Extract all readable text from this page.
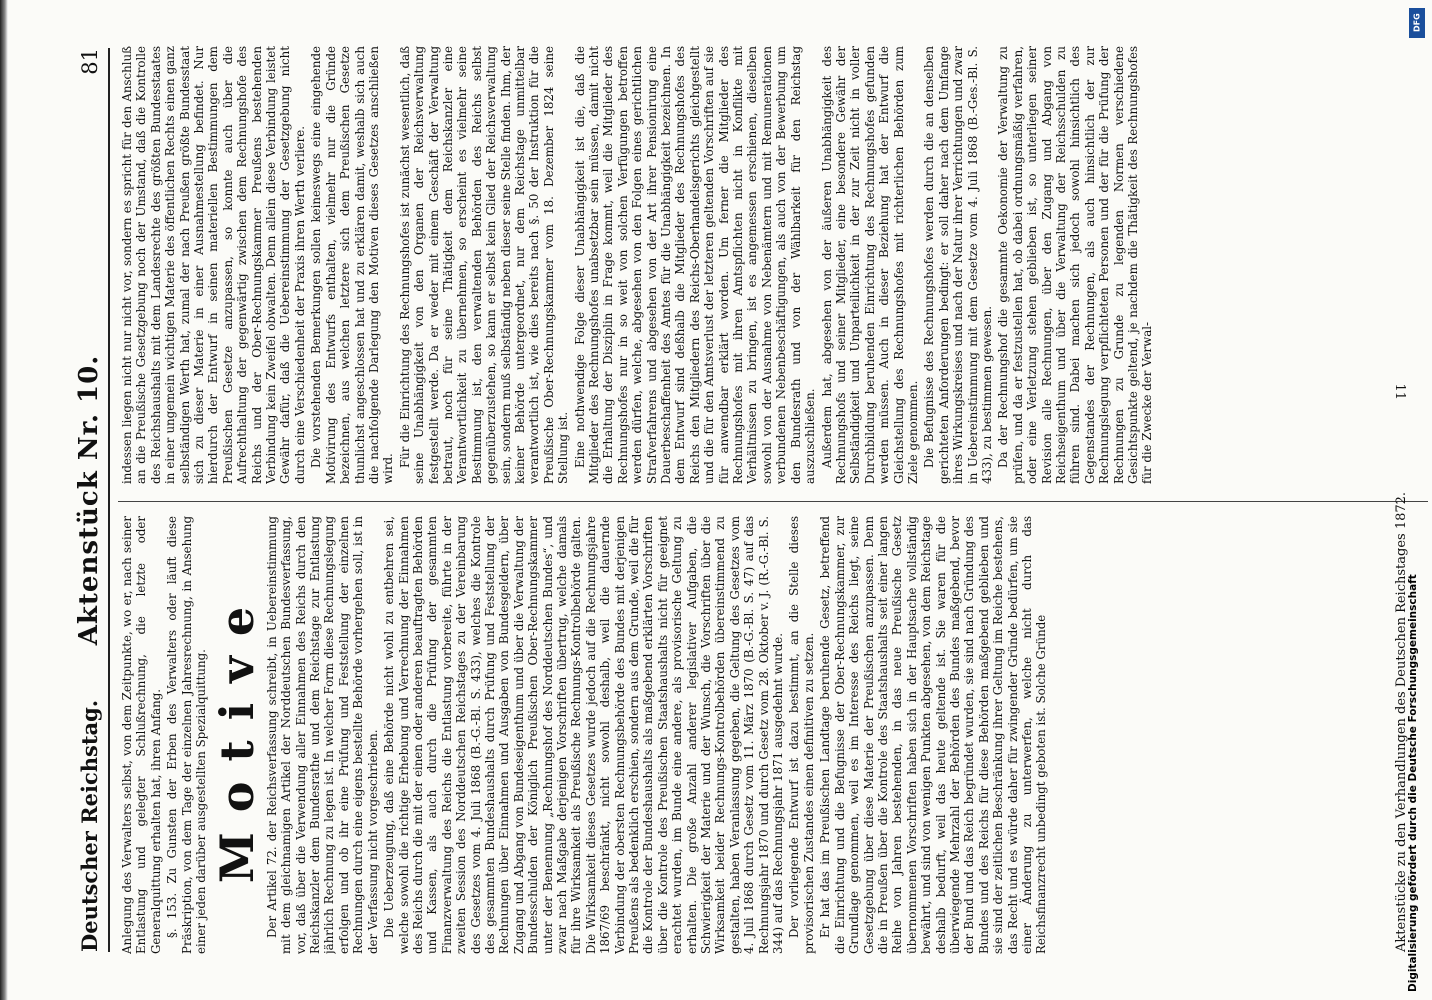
Deutscher Reichstag.
Aktenstück Nr. 10.
81

Anlegung des Verwalters selbst, von dem Zeitpunkte, wo er, nach seiner Entlastung und gelegter Schlußrechnung, die letzte oder Generalquittung erhalten hat, ihren Anfang. §. 153. Zu Gunsten der Erben des Verwalters oder läuft diese Präskription, von dem Tage der einzelnen Jahresrechnung, in Ansehung einer jeden darüber ausgestellten Spezialquittung. Motive Der Artikel 72. der Reichsverfassung schreibt, in Uebereinstimmung mit dem gleichnamigen Artikel der Norddeutschen Bundesverfassung, vor, daß über die Verwendung aller Einnahmen des Reichs durch den Reichskanzler dem Bundesrathe und dem Reichstage zur Entlastung jährlich Rechnung zu legen ist. In welcher Form diese Rechnungslegung erfolgen und ob ihr eine Prüfung und Feststellung der einzelnen Rechnungen durch eine eigens bestellte Behörde vorhergehen soll, ist in der Verfassung nicht vorgeschrieben. Die Ueberzeugung, daß eine Behörde nicht wohl zu entbehren sei, welche sowohl die richtige Erhebung und Verrechnung der Einnahmen des Reichs durch die mit der einen oder anderen beauftragten Behörden und Kassen, als auch durch die Prüfung der gesammten Finanzverwaltung des Reichs die Entlastung vorbereite, führte in der zweiten Session des Norddeutschen Reichstages zu der Vereinbarung des Gesetzes vom 4. Juli 1868 (B.-G.-Bl. S. 433), welches die Kontrole des gesammten Bundeshaushalts durch Prüfung und Feststellung der Rechnungen über Einnahmen und Ausgaben von Bundesgeldern, über Zugang und Abgang von Bundeseigenthum und über die Verwaltung der Bundesschulden der Königlich Preußischen Ober-Rechnungskammer unter der Benennung „Rechnungshof des Norddeutschen Bundes“, und zwar nach Maßgabe derjenigen Vorschriften übertrug, welche damals für ihre Wirksamkeit als Preußische Rechnungs-Kontrolbehörde galten. Die Wirksamkeit dieses Gesetzes wurde jedoch auf die Rechnungsjahre 1867/69 beschränkt, nicht sowohl deshalb, weil die dauernde Verbindung der obersten Rechnungsbehörde des Bundes mit derjenigen Preußens als bedenklich erschien, sondern aus dem Grunde, weil die für die Kontrole der Bundeshaushalts als maßgebend erklärten Vorschriften über die Kontrole des Preußischen Staatshaushalts nicht für geeignet erachtet wurden, im Bunde eine andere, als provisorische Geltung zu erhalten. Die große Anzahl anderer legislativer Aufgaben, die Schwierigkeit der Materie und der Wunsch, die Vorschriften über die Wirksamkeit beider Rechnungs-Kontrolbehörden übereinstimmend zu gestalten, haben Veranlassung gegeben, die Geltung des Gesetzes vom 4. Juli 1868 durch Gesetz vom 11. März 1870 (B.-G.-Bl. S. 47) auf das Rechnungsjahr 1870 und durch Gesetz vom 28. Oktober v. J. (R.-G.-Bl. S. 344) auf das Rechnungsjahr 1871 ausgedehnt wurde. Der vorliegende Entwurf ist dazu bestimmt, an die Stelle dieses provisorischen Zustandes einen definitiven zu setzen. Er hat das im Preußischen Landtage beruhende Gesetz, betreffend die Einrichtung und die Befugnisse der Ober-Rechnungskammer, zur Grundlage genommen, weil es im Interesse des Reichs liegt, seine Gesetzgebung über diese Materie der Preußischen anzupassen. Denn die in Preußen über die Kontrole des Staatshaushalts seit einer langen Reihe von Jahren bestehenden, in das neue Preußische Gesetz übernommenen Vorschriften haben sich in der Hauptsache vollständig bewährt, und sind von wenigen Punkten abgesehen, von dem Reichstage deshalb bedurft, weil das heute geltende ist. Sie waren für die überwiegende Mehrzahl der Behörden des Bundes maßgebend, bevor der Bund und das Reich begründet wurden, sie sind nach Gründung des Bundes und des Reichs für diese Behörden maßgebend geblieben und sie sind der zeitlichen Beschränkung ihrer Geltung im Reiche bestehens, das Recht und es würde daher für zwingender Gründe bedürfen, um sie einer Änderung zu unterwerfen, welche nicht durch das Reichsfinanzrecht unbedingt geboten ist. Solche Gründe

indessen liegen nicht nur nicht vor, sondern es spricht für den Anschluß an die Preußische Gesetzgebung noch der Umstand, daß die Kontrolle des Reichshaushalts mit dem Landesrechte des größten Bundesstaates in einer ungemein wichtigen Materie des öffentlichen Rechts einen ganz selbständigen Werth hat, zumal der nach Preußen größte Bundesstaat sich zu dieser Materie in einer Ausnahmestellung befindet. Nur hierdurch der Entwurf in seinen materiellen Bestimmungen dem Preußischen Gesetze anzupassen, so konnte auch über die Aufrechthaltung der gegenwärtig zwischen dem Rechnungshofe des Reichs und der Ober-Rechnungskammer Preußens bestehenden Verbindung kein Zweifel obwalten. Denn allein diese Verbindung leistet Gewähr dafür, daß die Uebereinstimmung der Gesetzgebung nicht durch eine Verschiedenheit der Praxis ihren Werth verliere. Die vorstehenden Bemerkungen sollen keineswegs eine eingehende Motivirung des Entwurfs enthalten, vielmehr nur die Gründe bezeichnen, aus welchen letztere sich dem Preußischen Gesetze thunlichst angeschlossen hat und zu erklären damit, weshalb sich auch die nachfolgende Darlegung den Motiven dieses Gesetzes anschließen wird.

Für die Einrichtung des Rechnungshofes ist zunächst wesentlich, daß seine Unabhängigkeit von den Organen der Reichsverwaltung festgestellt werde. Da er weder mit einem Geschäft der Verwaltung betraut, noch für seine Thätigkeit dem Reichskanzler eine Verantwortlichkeit zu übernehmen, so erscheint es vielmehr seine Bestimmung ist, den verwaltenden Behörden des Reichs selbst gegenüberzustehen, so kann er selbst kein Glied der Reichsverwaltung sein, sondern muß selbständig neben dieser seine Stelle finden. Ihm, der keiner Behörde untergeordnet, nur dem Reichstage unmittelbar verantwortlich ist, wie dies bereits nach §. 50 der Instruktion für die Preußische Ober-Rechnungskammer vom 18. Dezember 1824 seine Stellung ist. Eine nothwendige Folge dieser Unabhängigkeit ist die, daß die Mitglieder des Rechnungshofes unabsetzbar sein müssen, damit nicht die Erhaltung der Disziplin in Frage kommt, weil die Mitglieder des Rechnungshofes nur in so weit von solchen Verfügungen betroffen werden dürfen, welche, abgesehen von den Folgen eines gerichtlichen Strafverfahrens und abgesehen von der Art ihrer Pensionirung eine Dauerbeschaffenheit des Amtes für die Unabhängigkeit bezeichnen. In dem Entwurf sind deßhalb die Mitglieder des Rechnungshofes des Reichs den Mitgliedern des Reichs-Oberhandelsgerichts gleichgestellt und die für den Amtsverlust der letzteren geltenden Vorschriften auf sie für anwendbar erklärt worden. Um ferner die Mitglieder des Rechnungshofes mit ihren Amtspflichten nicht in Konflikte mit Verhältnissen zu bringen, ist es angemessen erschienen, dieselben sowohl von der Ausnahme von Nebenämtern und mit Remunerationen verbundenen Nebenbeschäftigungen, als auch von der Bewerbung um den Bundesrath und von der Wählbarkeit für den Reichstag auszuschließen. Außerdem hat, abgesehen von der äußeren Unabhängigkeit des Rechnungshofs und seiner Mitglieder, eine besondere Gewähr der Selbständigkeit und Unparteilichkeit in der zur Zeit nicht in voller Durchbildung beruhenden Einrichtung des Rechnungshofes gefunden werden müssen. Auch in dieser Beziehung hat der Entwurf die Gleichstellung des Rechnungshofes mit richterlichen Behörden zum Ziele genommen. Die Befugnisse des Rechnungshofes werden durch die an denselben gerichteten Anforderungen bedingt: er soll daher nach dem Umfange ihres Wirkungskreises und nach der Natur ihrer Verrichtungen und zwar in Uebereinstimmung mit dem Gesetze vom 4. Juli 1868 (B.-Ges.-Bl. S. 433), zu bestimmen gewesen. Da der Rechnungshof die gesammte Oekonomie der Verwaltung zu prüfen, und da er festzustellen hat, ob dabei ordnungsmäßig verfahren, oder eine Verletzung stehen geblieben ist, so unterliegen seiner Revision alle Rechnungen, über den Zugang und Abgang von Reichseigenthum und über die Verwaltung der Reichsschulden zu führen sind. Dabei machen sich jedoch sowohl hinsichtlich des Gegenstandes der Rechnungen, als auch hinsichtlich der zur Rechnungslegung verpflichteten Personen und der für die Prüfung der Rechnungen zu Grunde zu legenden Normen verschiedene Gesichtspunkte geltend, je nachdem die Thätigkeit des Rechnungshofes für die Zwecke der Verwal-

Aktenstücke zu den Verhandlungen des Deutschen Reichstages 1872.
11
DFG
Digitalisierung gefördert durch die Deutsche Forschungsgemeinschaft
